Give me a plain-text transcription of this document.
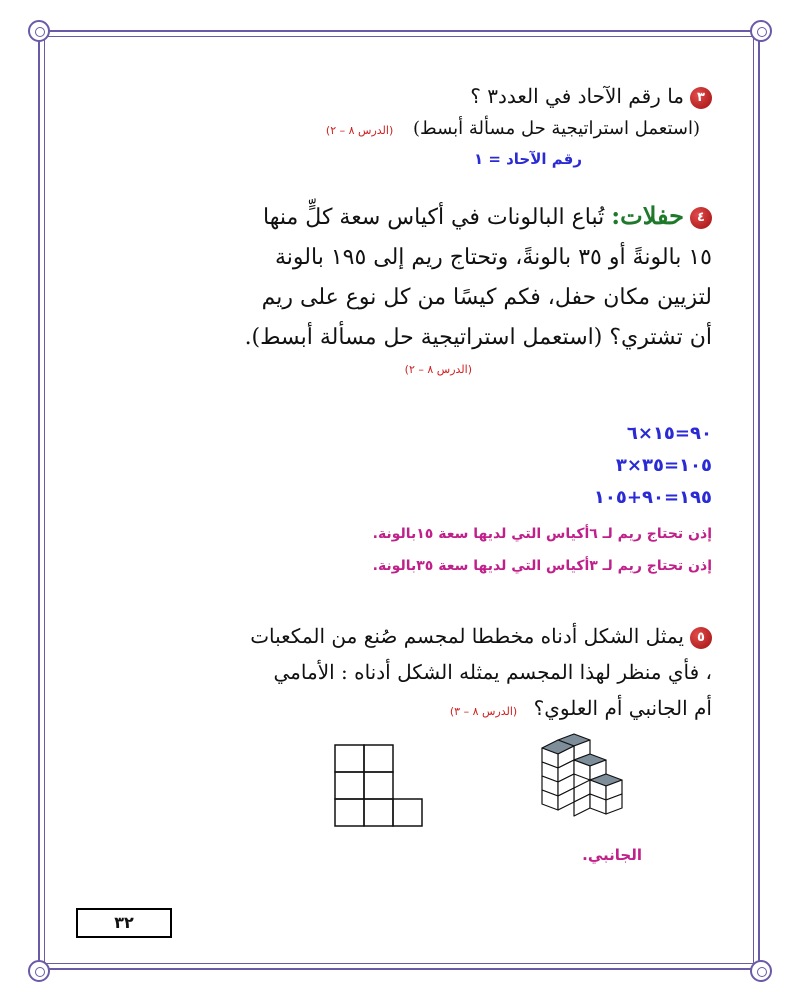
٣ما رقم الآحاد في العدد٣ ؟
(استعمل استراتيجية حل مسألة أبسط) (الدرس ٨ – ٢)
رقم الآحاد = ١
٤حفلات: تُباع البالونات في أكياس سعة كلٍّ منها
١٥ بالونةً أو ٣٥ بالونةً، وتحتاج ريم إلى ١٩٥ بالونة
لتزيين مكان حفل، فكم كيسًا من كل نوع على ريم
أن تشتري؟ (استعمل استراتيجية حل مسألة أبسط).
(الدرس ٨ – ٢)
٩٠=١٥×٦
١٠٥=٣٥×٣
١٩٥=٩٠+١٠٥
إذن تحتاج ريم لـ ٦أكياس التي لديها سعة ١٥بالونة.
إذن تحتاج ريم لـ ٣أكياس التي لديها سعة ٣٥بالونة.
٥يمثل الشكل أدناه مخططا لمجسم صُنع من المكعبات
، فأي منظر لهذا المجسم يمثله الشكل أدناه : الأمامي
أم الجانبي أم العلوي؟ (الدرس ٨ – ٣)
الجانبي.
٣٢
